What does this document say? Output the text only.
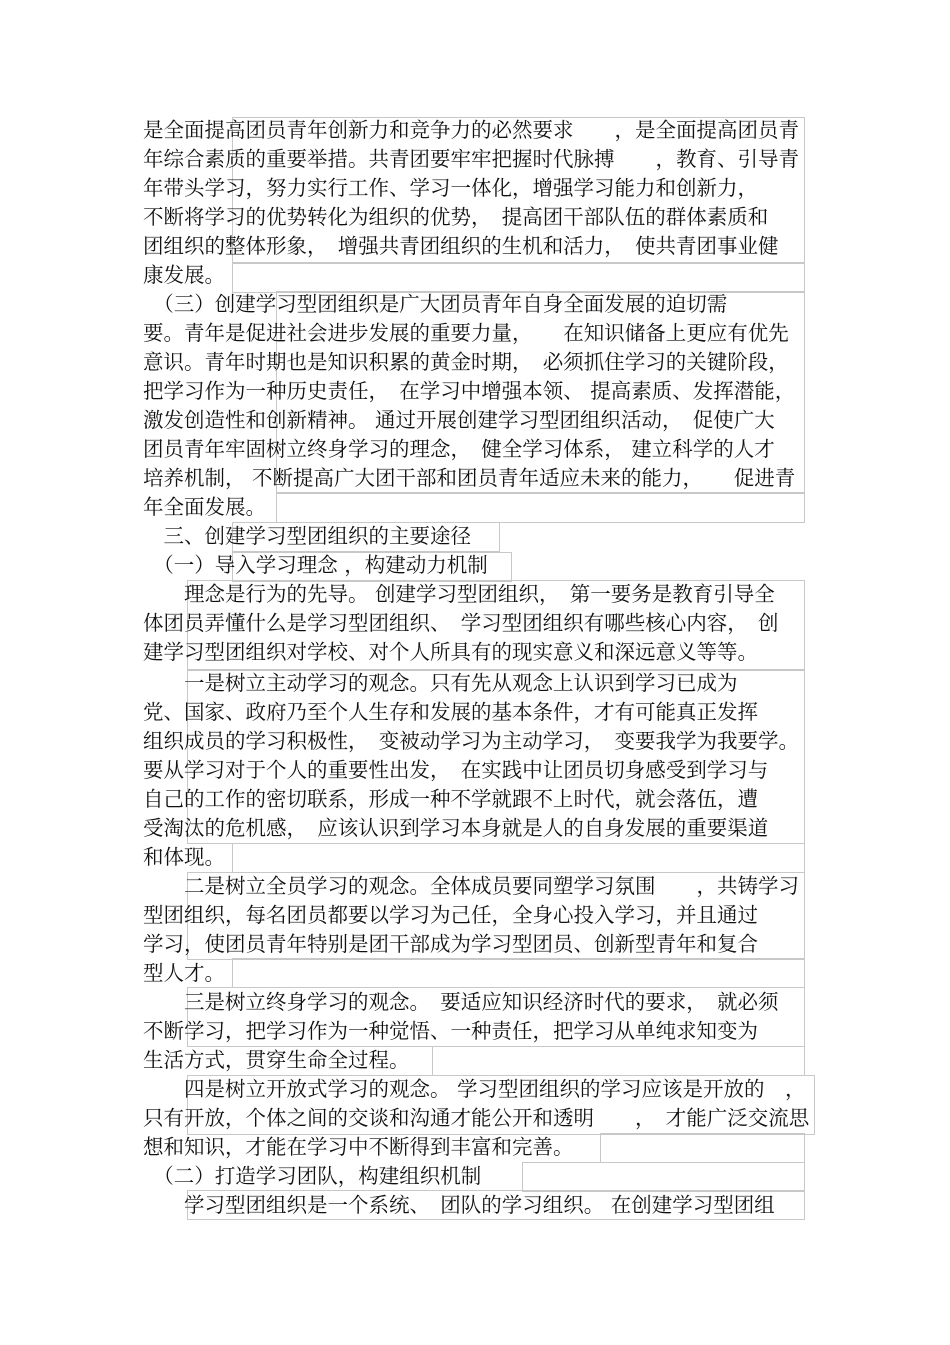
是全面提高团员青年创新力和竞争力的必然要求　　，是全面提高团员青
年综合素质的重要举措。共青团要牢牢把握时代脉搏　　，教育、引导青
年带头学习，努力实行工作、学习一体化，增强学习能力和创新力，
不断将学习的优势转化为组织的优势，　提高团干部队伍的群体素质和
团组织的整体形象，　增强共青团组织的生机和活力，　使共青团事业健
康发展。
　（三）创建学习型团组织是广大团员青年自身全面发展的迫切需
要。青年是促进社会进步发展的重要力量，　　在知识储备上更应有优先
意识。青年时期也是知识积累的黄金时期，　必须抓住学习的关键阶段，
把学习作为一种历史责任，　在学习中增强本领、 提高素质、发挥潜能，
激发创造性和创新精神。 通过开展创建学习型团组织活动，　促使广大
团员青年牢固树立终身学习的理念，　健全学习体系， 建立科学的人才
培养机制， 不断提高广大团干部和团员青年适应未来的能力，　　促进青
年全面发展。
　三、创建学习型团组织的主要途径
　（一）导入学习理念 ，构建动力机制
　　理念是行为的先导。 创建学习型团组织，　第一要务是教育引导全
体团员弄懂什么是学习型团组织、　学习型团组织有哪些核心内容，　创
建学习型团组织对学校、对个人所具有的现实意义和深远意义等等。
　　一是树立主动学习的观念。只有先从观念上认识到学习已成为
党、国家、政府乃至个人生存和发展的基本条件，才有可能真正发挥
组织成员的学习积极性，　变被动学习为主动学习，　变要我学为我要学。
要从学习对于个人的重要性出发，　在实践中让团员切身感受到学习与
自己的工作的密切联系，形成一种不学就跟不上时代，就会落伍，遭
受淘汰的危机感，　应该认识到学习本身就是人的自身发展的重要渠道
和体现。
　　二是树立全员学习的观念。全体成员要同塑学习氛围　　，共铸学习
型团组织，每名团员都要以学习为己任，全身心投入学习，并且通过
学习，使团员青年特别是团干部成为学习型团员、创新型青年和复合
型人才。
　　三是树立终身学习的观念。　要适应知识经济时代的要求，　就必须
不断学习，把学习作为一种觉悟、一种责任，把学习从单纯求知变为
生活方式，贯穿生命全过程。
　　四是树立开放式学习的观念。 学习型团组织的学习应该是开放的　，
只有开放，个体之间的交谈和沟通才能公开和透明　　，　才能广泛交流思
想和知识，才能在学习中不断得到丰富和完善。
　（二）打造学习团队，构建组织机制
　　学习型团组织是一个系统、　团队的学习组织。 在创建学习型团组
